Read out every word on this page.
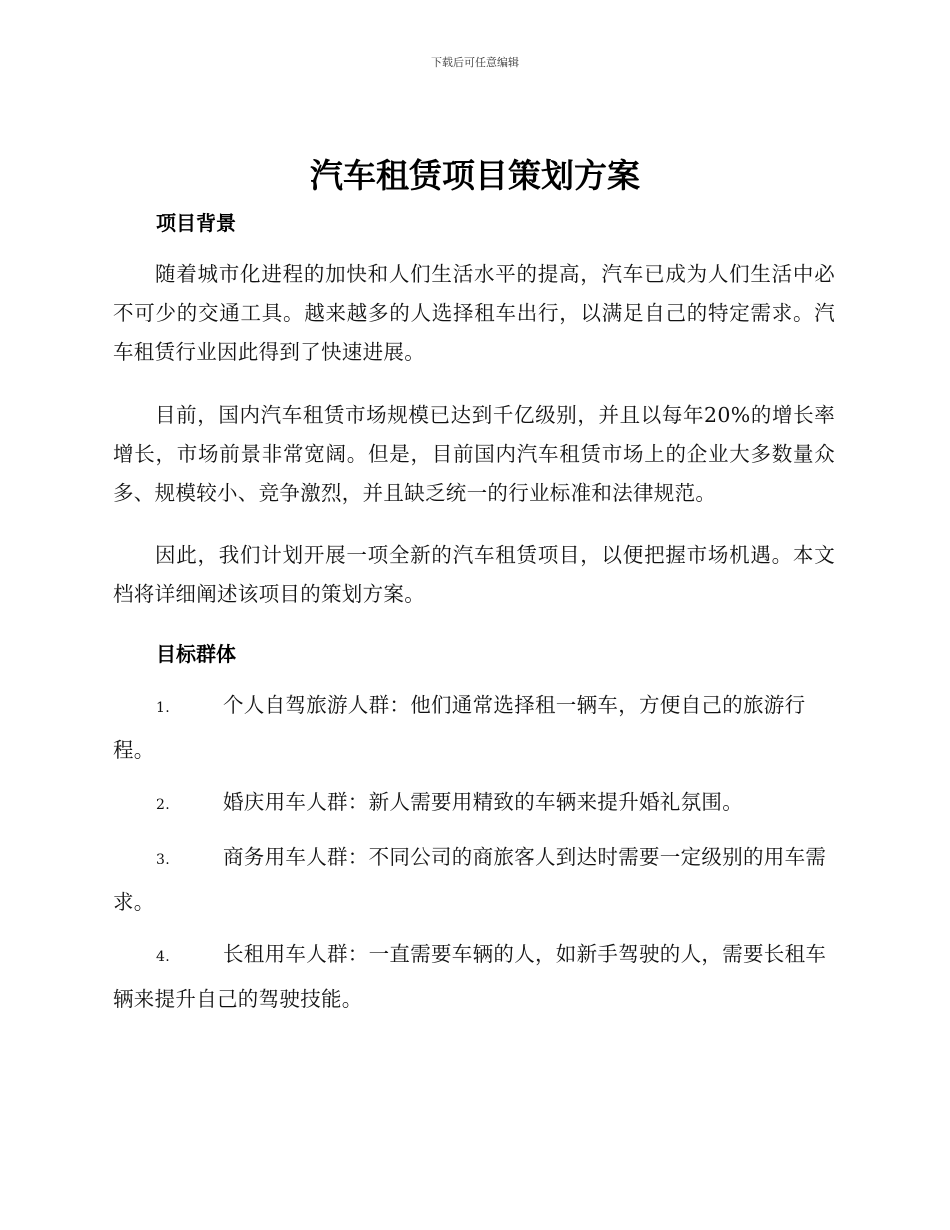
下载后可任意编辑
汽车租赁项目策划方案
项目背景

随着城市化进程的加快和人们生活水平的提高，汽车已成为人们生活中必不可少的交通工具。越来越多的人选择租车出行，以满足自己的特定需求。汽车租赁行业因此得到了快速进展。

目前，国内汽车租赁市场规模已达到千亿级别，并且以每年20%的增长率增长，市场前景非常宽阔。但是，目前国内汽车租赁市场上的企业大多数量众多、规模较小、竞争激烈，并且缺乏统一的行业标准和法律规范。

因此，我们计划开展一项全新的汽车租赁项目，以便把握市场机遇。本文档将详细阐述该项目的策划方案。

目标群体
1.	个人自驾旅游人群：他们通常选择租一辆车，方便自己的旅游行程。
2.	婚庆用车人群：新人需要用精致的车辆来提升婚礼氛围。
3.	商务用车人群：不同公司的商旅客人到达时需要一定级别的用车需求。
4.	长租用车人群：一直需要车辆的人，如新手驾驶的人，需要长租车辆来提升自己的驾驶技能。
